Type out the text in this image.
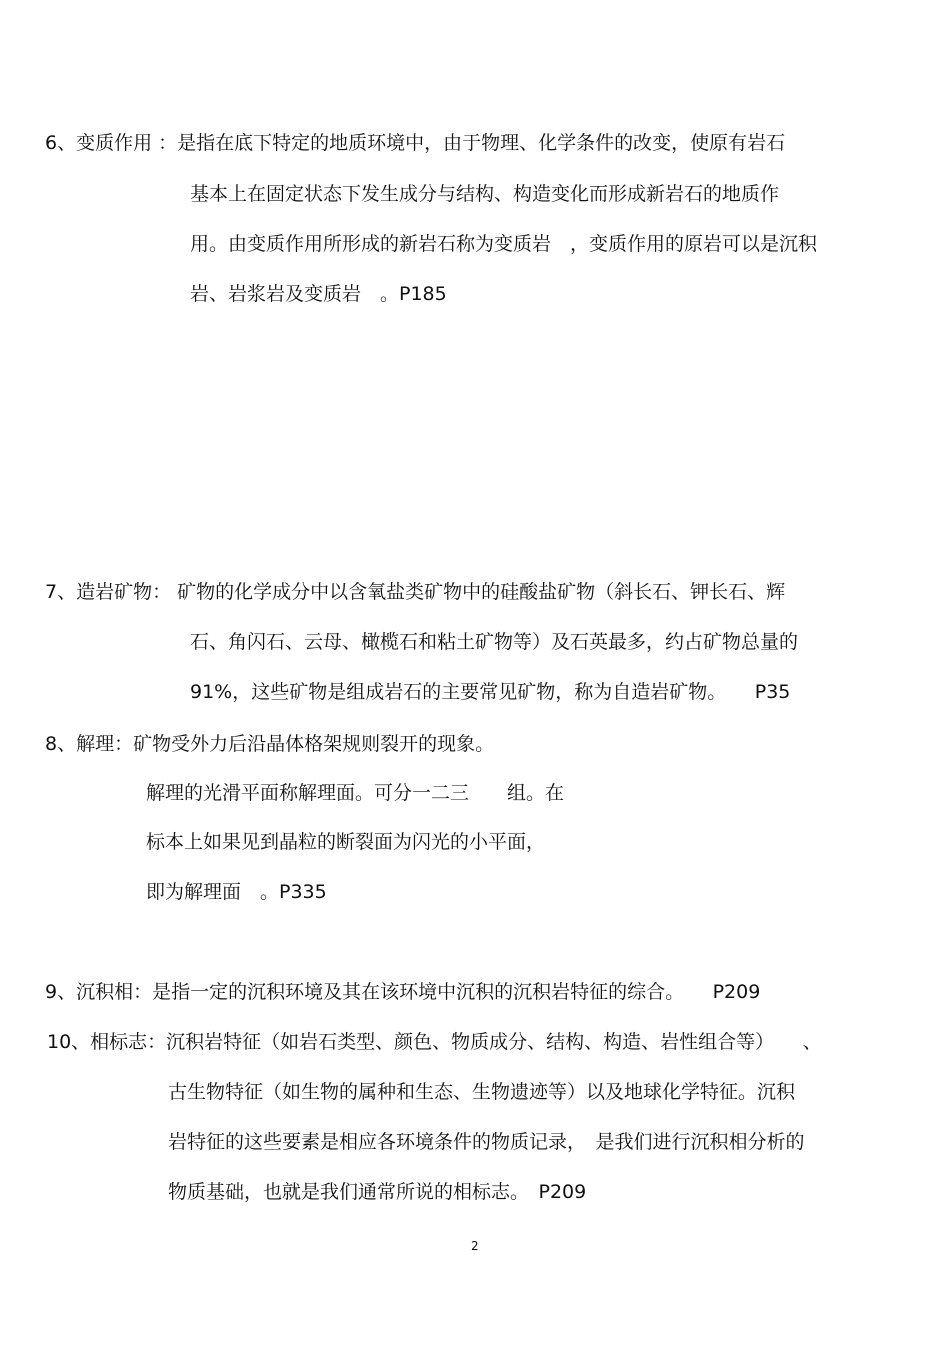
6、变质作用 ：是指在底下特定的地质环境中，由于物理、化学条件的改变，使原有岩石
基本上在固定状态下发生成分与结构、构造变化而形成新岩石的地质作
用。由变质作用所形成的新岩石称为变质岩　，变质作用的原岩可以是沉积
岩、岩浆岩及变质岩　。P185
7、造岩矿物： 矿物的化学成分中以含氧盐类矿物中的硅酸盐矿物（斜长石、钾长石、辉
石、角闪石、云母、橄榄石和粘土矿物等）及石英最多，约占矿物总量的
91%，这些矿物是组成岩石的主要常见矿物，称为自造岩矿物。　　P35
8、解理：矿物受外力后沿晶体格架规则裂开的现象。
解理的光滑平面称解理面。可分一二三　　组。在
标本上如果见到晶粒的断裂面为闪光的小平面，
即为解理面　。P335
9、沉积相：是指一定的沉积环境及其在该环境中沉积的沉积岩特征的综合。　　P209
10、相标志：沉积岩特征（如岩石类型、颜色、物质成分、结构、构造、岩性组合等）　　、
古生物特征（如生物的属种和生态、生物遗迹等）以及地球化学特征。沉积
岩特征的这些要素是相应各环境条件的物质记录，　是我们进行沉积相分析的
物质基础，也就是我们通常所说的相标志。　P209
2
